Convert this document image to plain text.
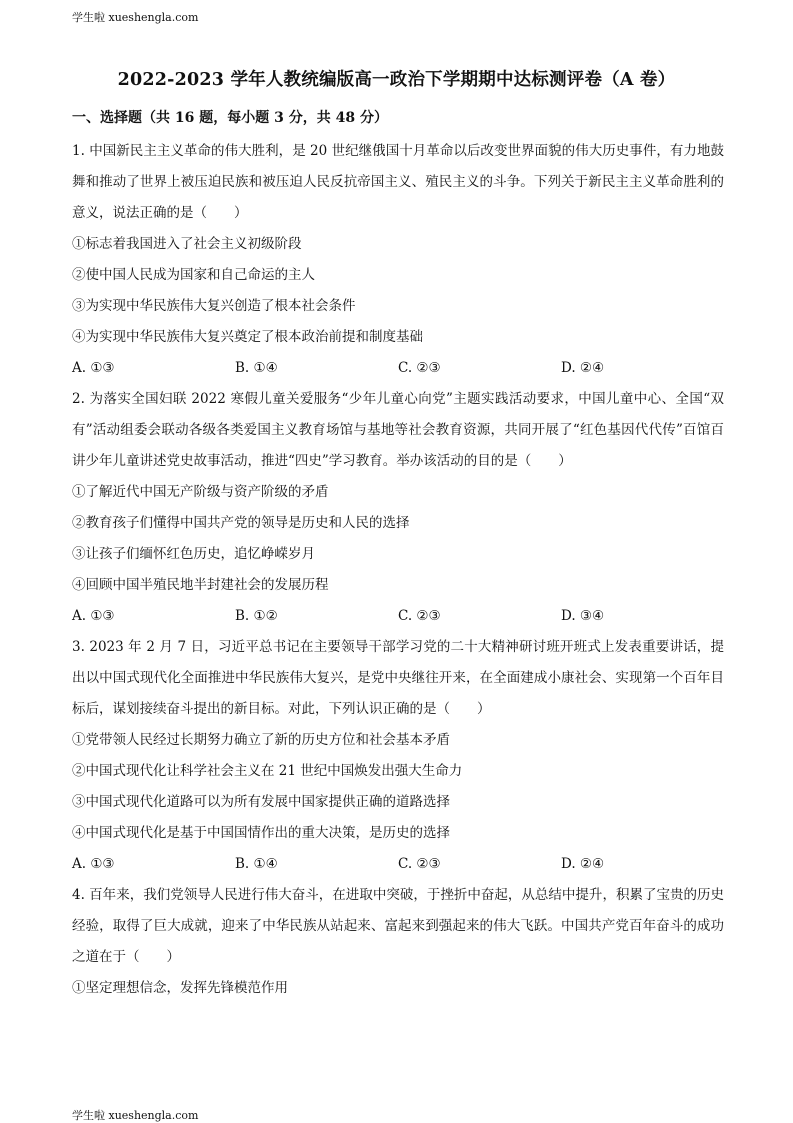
学生啦 xueshengla.com
2022-2023 学年人教统编版高一政治下学期期中达标测评卷（A 卷）
一、选择题（共 16 题，每小题 3 分，共 48 分）

1. 中国新民主主义革命的伟大胜利，是 20 世纪继俄国十月革命以后改变世界面貌的伟大历史事件，有力地鼓舞和推动了世界上被压迫民族和被压迫人民反抗帝国主义、殖民主义的斗争。下列关于新民主主义革命胜利的意义，说法正确的是（　　）

①标志着我国进入了社会主义初级阶段

②使中国人民成为国家和自己命运的主人

③为实现中华民族伟大复兴创造了根本社会条件

④为实现中华民族伟大复兴奠定了根本政治前提和制度基础

A. ①③	B. ①④	C. ②③	D. ②④

2. 为落实全国妇联 2022 寒假儿童关爱服务“少年儿童心向党”主题实践活动要求，中国儿童中心、全国“双有”活动组委会联动各级各类爱国主义教育场馆与基地等社会教育资源，共同开展了“红色基因代代传”百馆百讲少年儿童讲述党史故事活动，推进“四史”学习教育。举办该活动的目的是（　　）

①了解近代中国无产阶级与资产阶级的矛盾

②教育孩子们懂得中国共产党的领导是历史和人民的选择

③让孩子们缅怀红色历史，追忆峥嵘岁月

④回顾中国半殖民地半封建社会的发展历程

A. ①③	B. ①②	C. ②③	D. ③④

3. 2023 年 2 月 7 日，习近平总书记在主要领导干部学习党的二十大精神研讨班开班式上发表重要讲话，提出以中国式现代化全面推进中华民族伟大复兴，是党中央继往开来，在全面建成小康社会、实现第一个百年目标后，谋划接续奋斗提出的新目标。对此，下列认识正确的是（　　）

①党带领人民经过长期努力确立了新的历史方位和社会基本矛盾

②中国式现代化让科学社会主义在 21 世纪中国焕发出强大生命力

③中国式现代化道路可以为所有发展中国家提供正确的道路选择

④中国式现代化是基于中国国情作出的重大决策，是历史的选择

A. ①③	B. ①④	C. ②③	D. ②④

4. 百年来，我们党领导人民进行伟大奋斗，在进取中突破，于挫折中奋起，从总结中提升，积累了宝贵的历史经验，取得了巨大成就，迎来了中华民族从站起来、富起来到强起来的伟大飞跃。中国共产党百年奋斗的成功之道在于（　　）

①坚定理想信念，发挥先锋模范作用

学生啦 xueshengla.com
